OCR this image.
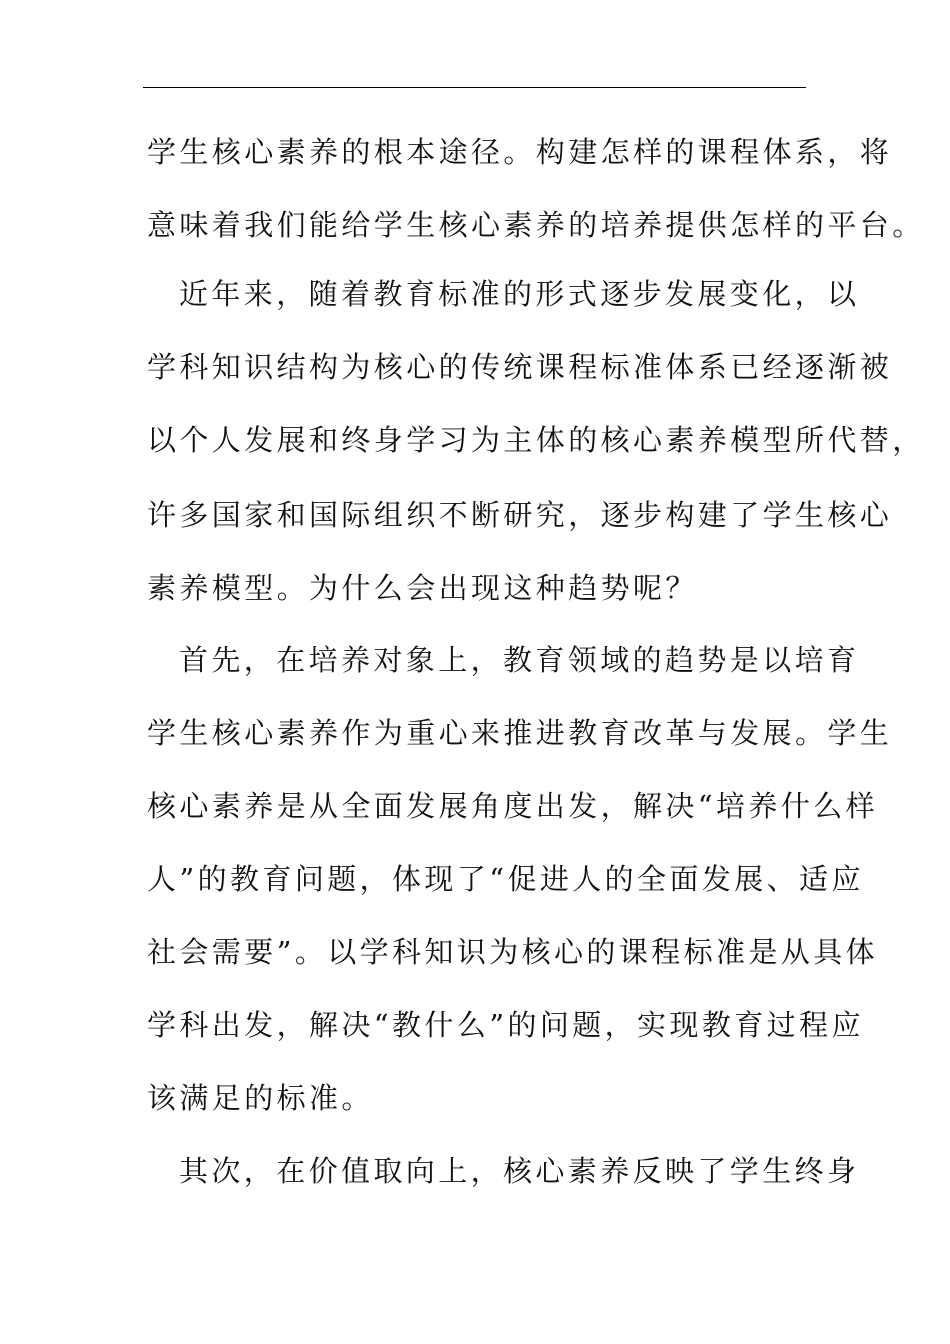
学生核心素养的根本途径。构建怎样的课程体系，将

意味着我们能给学生核心素养的培养提供怎样的平台。

近年来，随着教育标准的形式逐步发展变化，以

学科知识结构为核心的传统课程标准体系已经逐渐被

以个人发展和终身学习为主体的核心素养模型所代替，

许多国家和国际组织不断研究，逐步构建了学生核心

素养模型。为什么会出现这种趋势呢？

首先，在培养对象上，教育领域的趋势是以培育

学生核心素养作为重心来推进教育改革与发展。学生

核心素养是从全面发展角度出发，解决“培养什么样

人”的教育问题，体现了“促进人的全面发展、适应

社会需要”。以学科知识为核心的课程标准是从具体

学科出发，解决“教什么”的问题，实现教育过程应

该满足的标准。

其次，在价值取向上，核心素养反映了学生终身
